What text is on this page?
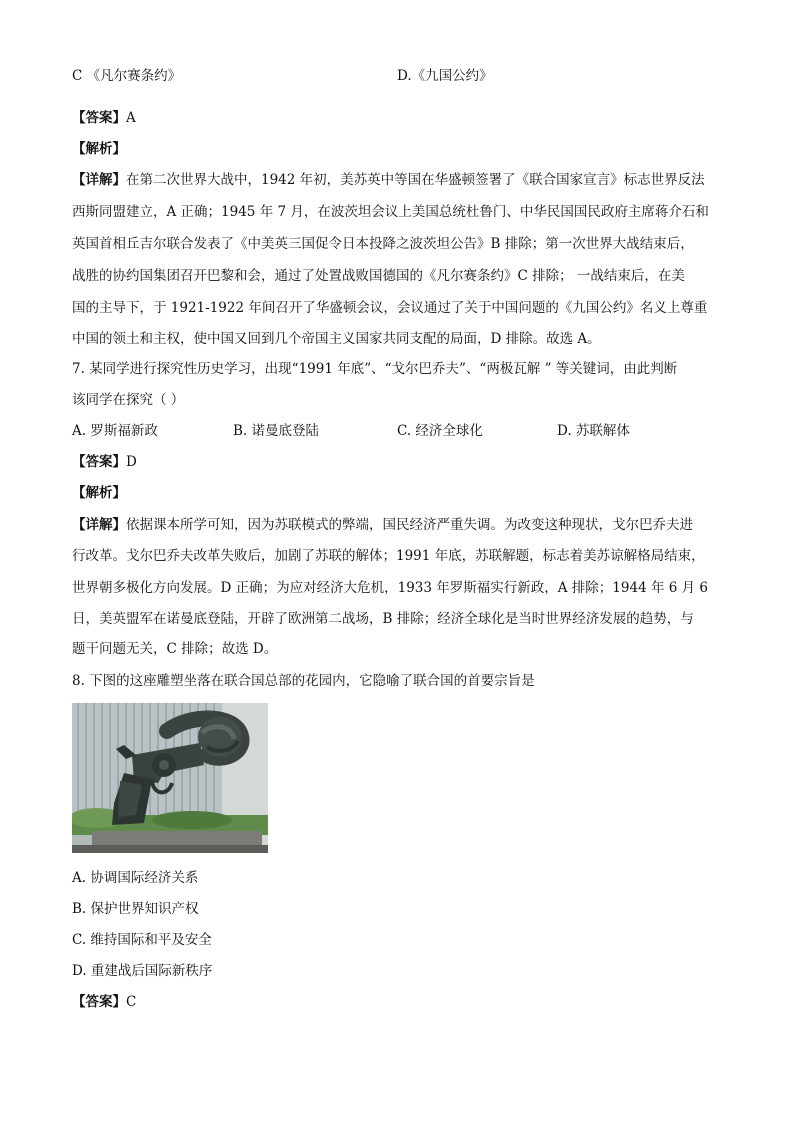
C 《凡尔赛条约》	D.《九国公约》
【答案】A
【解析】
【详解】在第二次世界大战中，1942 年初，美苏英中等国在华盛顿签署了《联合国家宣言》标志世界反法
西斯同盟建立，A 正确；1945 年 7 月，在波茨坦会议上美国总统杜鲁门、中华民国国民政府主席蒋介石和
英国首相丘吉尔联合发表了《中美英三国促令日本投降之波茨坦公告》B 排除；第一次世界大战结束后，
战胜的协约国集团召开巴黎和会，通过了处置战败国德国的《凡尔赛条约》C 排除； 一战结束后，在美
国的主导下，于 1921-1922 年间召开了华盛顿会议，会议通过了关于中国问题的《九国公约》名义上尊重
中国的领土和主权，使中国又回到几个帝国主义国家共同支配的局面，D 排除。故选 A。
7. 某同学进行探究性历史学习，出现“1991 年底”、“戈尔巴乔夫”、“两极瓦解 ” 等关键词，由此判断
该同学在探究（ ）
A. 罗斯福新政	B. 诺曼底登陆	C. 经济全球化	D. 苏联解体
【答案】D
【解析】
【详解】依据课本所学可知，因为苏联模式的弊端，国民经济严重失调。为改变这种现状，戈尔巴乔夫进
行改革。戈尔巴乔夫改革失败后，加剧了苏联的解体；1991 年底，苏联解题，标志着美苏谅解格局结束，
世界朝多极化方向发展。D 正确；为应对经济大危机，1933 年罗斯福实行新政，A 排除；1944 年 6 月 6
日，美英盟军在诺曼底登陆，开辟了欧洲第二战场，B 排除；经济全球化是当时世界经济发展的趋势，与
题干问题无关，C 排除；故选 D。
8. 下图的这座雕塑坐落在联合国总部的花园内，它隐喻了联合国的首要宗旨是
A. 协调国际经济关系
B. 保护世界知识产权
C. 维持国际和平及安全
D. 重建战后国际新秩序
【答案】C
